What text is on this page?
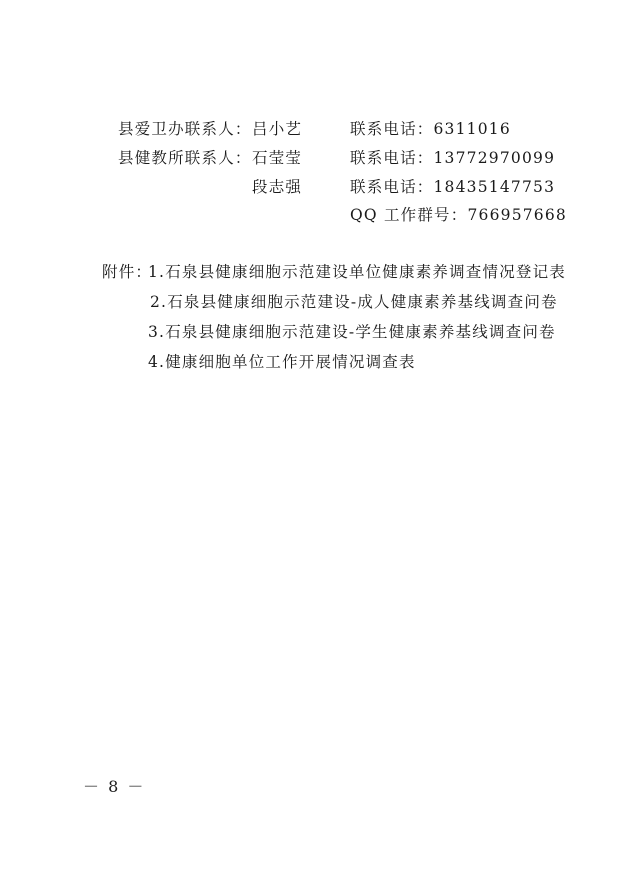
县爱卫办联系人： 吕小艺	联系电话：6311016
县健教所联系人： 石莹莹	联系电话：13772970099
段志强	联系电话：18435147753
QQ 工作群号：766957668
附件：
1.石泉县健康细胞示范建设单位健康素养调查情况登记表
2.石泉县健康细胞示范建设-成人健康素养基线调查问卷
3.石泉县健康细胞示范建设-学生健康素养基线调查问卷
4.健康细胞单位工作开展情况调查表
－ 8 －
